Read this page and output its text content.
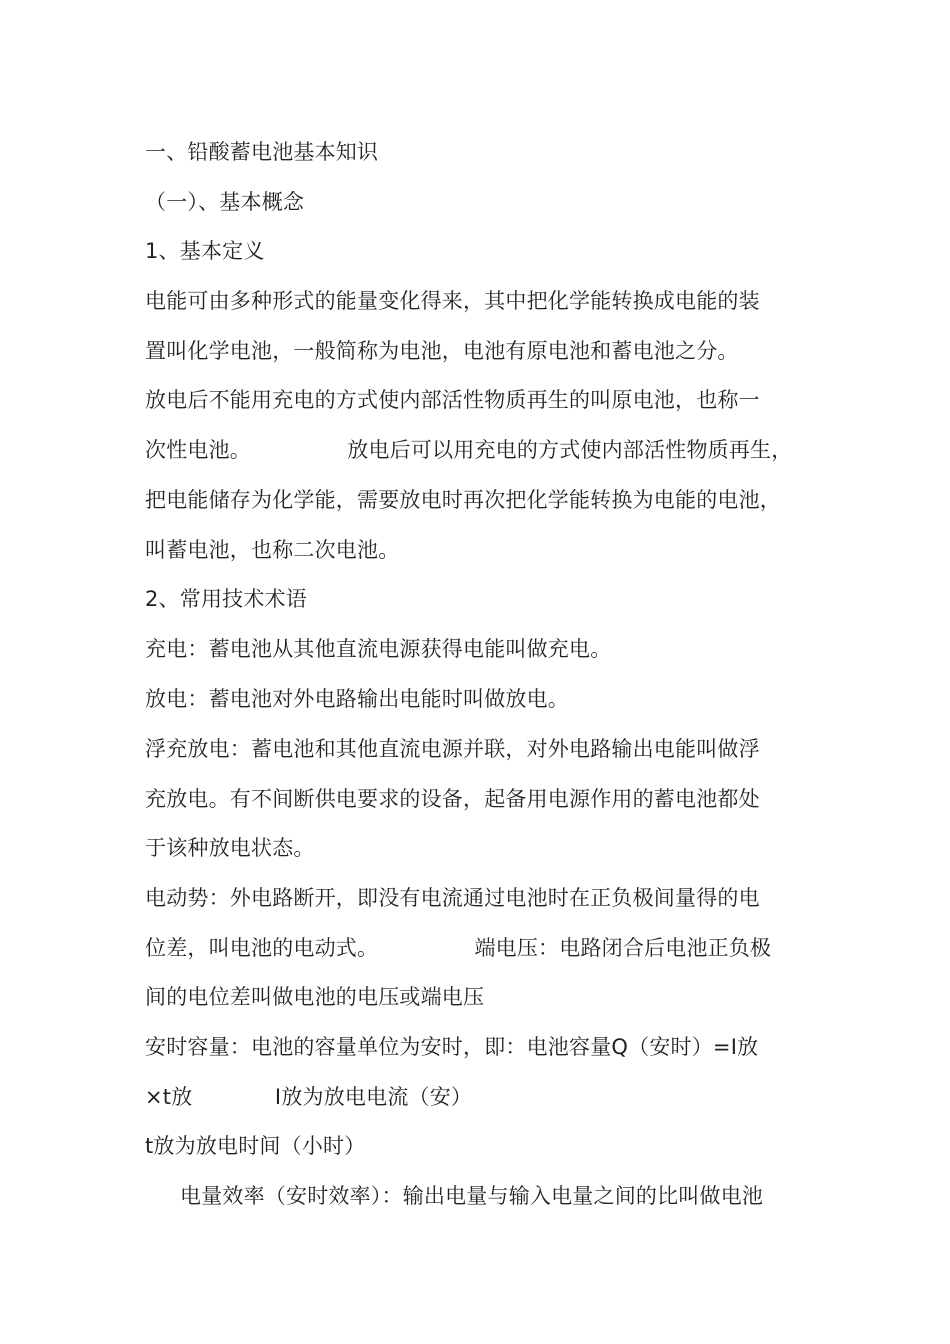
一、铅酸蓄电池基本知识

（一）、基本概念

1、基本定义

电能可由多种形式的能量变化得来，其中把化学能转换成电能的装

置叫化学电池，一般简称为电池，电池有原电池和蓄电池之分。

放电后不能用充电的方式使内部活性物质再生的叫原电池，也称一

次性电池。              放电后可以用充电的方式使内部活性物质再生，

把电能储存为化学能，需要放电时再次把化学能转换为电能的电池，

叫蓄电池，也称二次电池。

2、常用技术术语

充电：蓄电池从其他直流电源获得电能叫做充电。

放电：蓄电池对外电路输出电能时叫做放电。

浮充放电：蓄电池和其他直流电源并联，对外电路输出电能叫做浮

充放电。有不间断供电要求的设备，起备用电源作用的蓄电池都处

于该种放电状态。

电动势：外电路断开，即没有电流通过电池时在正负极间量得的电

位差，叫电池的电动式。              端电压：电路闭合后电池正负极

间的电位差叫做电池的电压或端电压

安时容量：电池的容量单位为安时，即：电池容量Q（安时）=I放

×t放            I放为放电电流（安）

t放为放电时间（小时）

电量效率（安时效率）：输出电量与输入电量之间的比叫做电池
